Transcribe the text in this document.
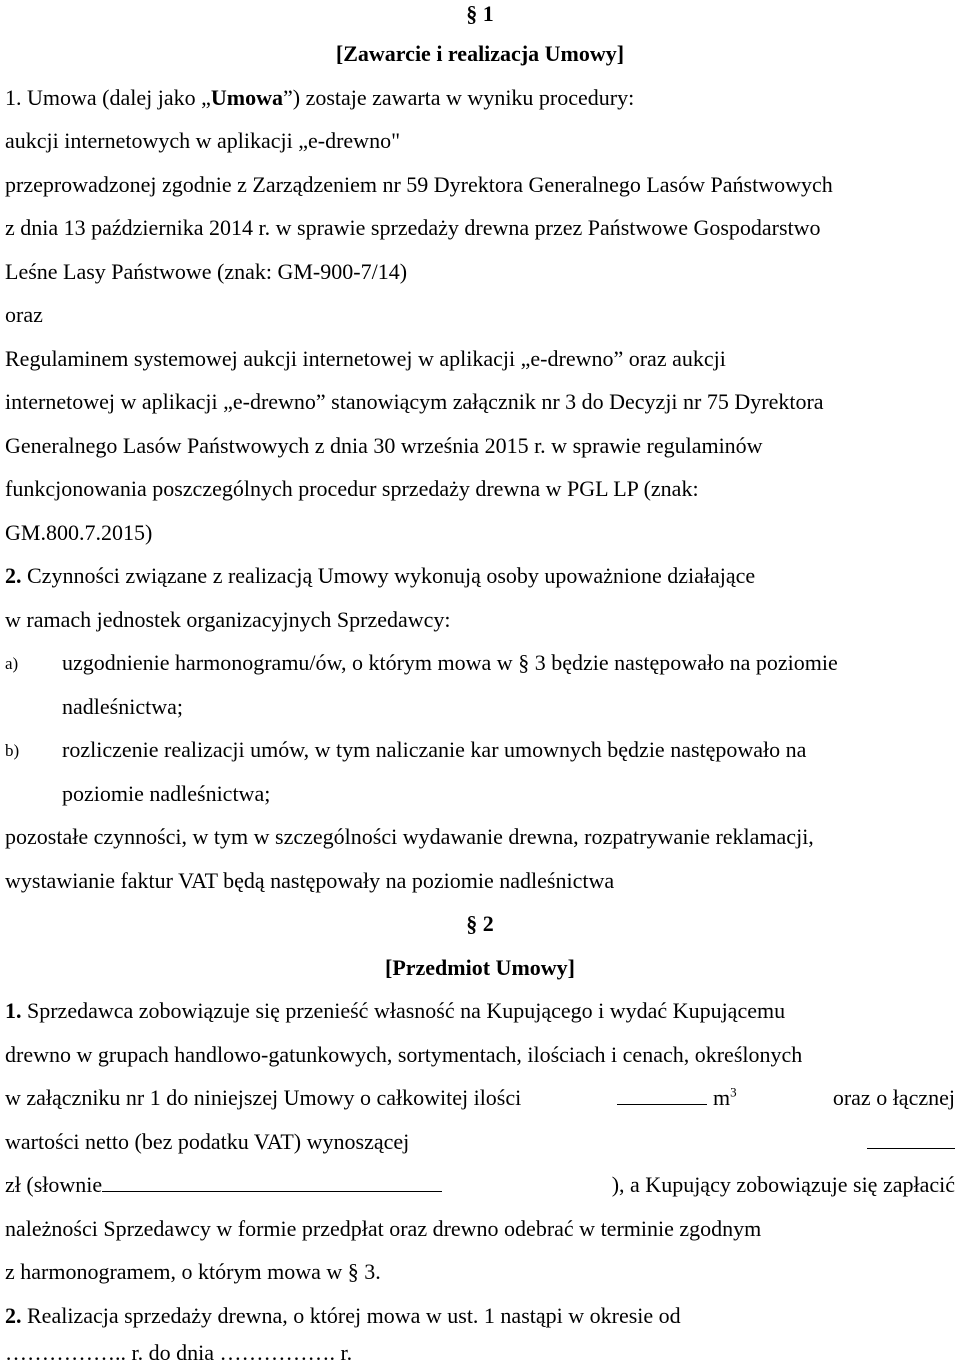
§ 1
[Zawarcie i realizacja Umowy]
1. Umowa (dalej jako „Umowa”) zostaje zawarta w wyniku procedury:
aukcji internetowych w aplikacji „e-drewno"
przeprowadzonej zgodnie z Zarządzeniem nr 59 Dyrektora Generalnego Lasów Państwowych
z dnia 13 października 2014 r. w sprawie sprzedaży drewna przez Państwowe Gospodarstwo
Leśne Lasy Państwowe (znak: GM-900-7/14)
oraz
Regulaminem systemowej aukcji internetowej w aplikacji „e-drewno” oraz aukcji
internetowej w aplikacji „e-drewno” stanowiącym załącznik nr 3 do Decyzji nr 75 Dyrektora
Generalnego Lasów Państwowych z dnia 30 września 2015 r. w sprawie regulaminów
funkcjonowania poszczególnych procedur sprzedaży drewna w PGL LP (znak:
GM.800.7.2015)
2. Czynności związane z realizacją Umowy wykonują osoby upoważnione działające
w ramach jednostek organizacyjnych Sprzedawcy:
a) uzgodnienie harmonogramu/ów, o którym mowa w § 3 będzie następowało na poziomie
nadleśnictwa;
b) rozliczenie realizacji umów, w tym naliczanie kar umownych będzie następowało na
poziomie nadleśnictwa;
pozostałe czynności, w tym w szczególności wydawanie drewna, rozpatrywanie reklamacji,
wystawianie faktur VAT będą następowały na poziomie nadleśnictwa
§ 2
[Przedmiot Umowy]
1. Sprzedawca zobowiązuje się przenieść własność na Kupującego i wydać Kupującemu
drewno w grupach handlowo-gatunkowych, sortymentach, ilościach i cenach, określonych
w załączniku nr 1 do niniejszej Umowy o całkowitej ilości	$m^3$	oraz o łącznej
wartości netto (bez podatku VAT) wynoszącej
zł (słownie	), a Kupujący zobowiązuje się zapłacić
należności Sprzedawcy w formie przedpłat oraz drewno odebrać w terminie zgodnym
z harmonogramem, o którym mowa w § 3.
2. Realizacja sprzedaży drewna, o której mowa w ust. 1 nastąpi w okresie od
…………….. r. do dnia ……………. r.
